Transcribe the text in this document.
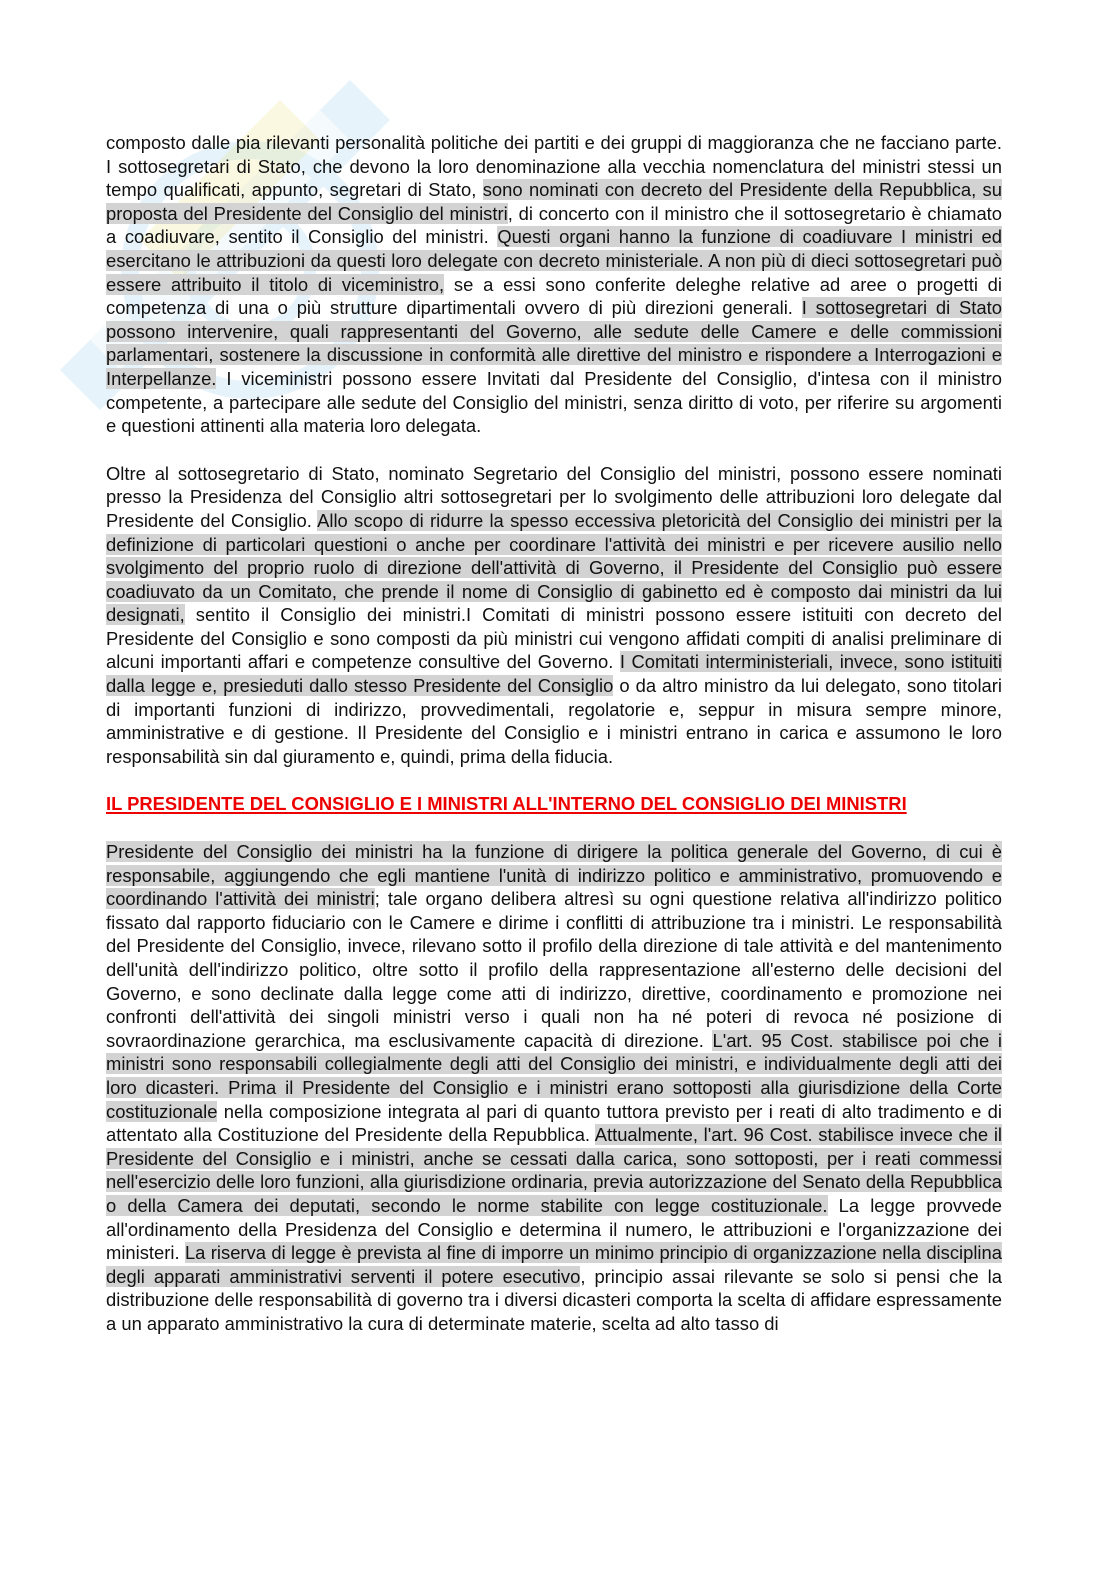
composto dalle pia rilevanti personalità politiche dei partiti e dei gruppi di maggioranza che ne facciano parte. I sottosegretari di Stato, che devono la loro denominazione alla vecchia nomenclatura del ministri stessi un tempo qualificati, appunto, segretari di Stato, sono nominati con decreto del Presidente della Repubblica, su proposta del Presidente del Consiglio del ministri, di concerto con il ministro che il sottosegretario è chiamato a coadiuvare, sentito il Consiglio del ministri. Questi organi hanno la funzione di coadiuvare I ministri ed esercitano le attribuzioni da questi loro delegate con decreto ministeriale. A non più di dieci sottosegretari può essere attribuito il titolo di viceministro, se a essi sono conferite deleghe relative ad aree o progetti di competenza di una o più strutture dipartimentali ovvero di più direzioni generali. I sottosegretari di Stato possono intervenire, quali rappresentanti del Governo, alle sedute delle Camere e delle commissioni parlamentari, sostenere la discussione in conformità alle direttive del ministro e rispondere a Interrogazioni e Interpellanze. I viceministri possono essere Invitati dal Presidente del Consiglio, d'intesa con il ministro competente, a partecipare alle sedute del Consiglio del ministri, senza diritto di voto, per riferire su argomenti e questioni attinenti alla materia loro delegata.

Oltre al sottosegretario di Stato, nominato Segretario del Consiglio del ministri, possono essere nominati presso la Presidenza del Consiglio altri sottosegretari per lo svolgimento delle attribuzioni loro delegate dal Presidente del Consiglio. Allo scopo di ridurre la spesso eccessiva pletoricità del Consiglio dei ministri per la definizione di particolari questioni o anche per coordinare l'attività dei ministri e per ricevere ausilio nello svolgimento del proprio ruolo di direzione dell'attività di Governo, il Presidente del Consiglio può essere coadiuvato da un Comitato, che prende il nome di Consiglio di gabinetto ed è composto dai ministri da lui designati, sentito il Consiglio dei ministri.I Comitati di ministri possono essere istituiti con decreto del Presidente del Consiglio e sono composti da più ministri cui vengono affidati compiti di analisi preliminare di alcuni importanti affari e competenze consultive del Governo. I Comitati interministeriali, invece, sono istituiti dalla legge e, presieduti dallo stesso Presidente del Consiglio o da altro ministro da lui delegato, sono titolari di importanti funzioni di indirizzo, provvedimentali, regolatorie e, seppur in misura sempre minore, amministrative e di gestione. Il Presidente del Consiglio e i ministri entrano in carica e assumono le loro responsabilità sin dal giuramento e, quindi, prima della fiducia.

IL PRESIDENTE DEL CONSIGLIO E I MINISTRI ALL'INTERNO DEL CONSIGLIO DEI MINISTRI

Presidente del Consiglio dei ministri ha la funzione di dirigere la politica generale del Governo, di cui è responsabile, aggiungendo che egli mantiene l'unità di indirizzo politico e amministrativo, promuovendo e coordinando l'attività dei ministri; tale organo delibera altresì su ogni questione relativa all'indirizzo politico fissato dal rapporto fiduciario con le Camere e dirime i conflitti di attribuzione tra i ministri. Le responsabilità del Presidente del Consiglio, invece, rilevano sotto il profilo della direzione di tale attività e del mantenimento dell'unità dell'indirizzo politico, oltre sotto il profilo della rappresentazione all'esterno delle decisioni del Governo, e sono declinate dalla legge come atti di indirizzo, direttive, coordinamento e promozione nei confronti dell'attività dei singoli ministri verso i quali non ha né poteri di revoca né posizione di sovraordinazione gerarchica, ma esclusivamente capacità di direzione. L'art. 95 Cost. stabilisce poi che i ministri sono responsabili collegialmente degli atti del Consiglio dei ministri, e individualmente degli atti dei loro dicasteri. Prima il Presidente del Consiglio e i ministri erano sottoposti alla giurisdizione della Corte costituzionale nella composizione integrata al pari di quanto tuttora previsto per i reati di alto tradimento e di attentato alla Costituzione del Presidente della Repubblica. Attualmente, l'art. 96 Cost. stabilisce invece che il Presidente del Consiglio e i ministri, anche se cessati dalla carica, sono sottoposti, per i reati commessi nell'esercizio delle loro funzioni, alla giurisdizione ordinaria, previa autorizzazione del Senato della Repubblica o della Camera dei deputati, secondo le norme stabilite con legge costituzionale. La legge provvede all'ordinamento della Presidenza del Consiglio e determina il numero, le attribuzioni e l'organizzazione dei ministeri. La riserva di legge è prevista al fine di imporre un minimo principio di organizzazione nella disciplina degli apparati amministrativi serventi il potere esecutivo, principio assai rilevante se solo si pensi che la distribuzione delle responsabilità di governo tra i diversi dicasteri comporta la scelta di affidare espressamente a un apparato amministrativo la cura di determinate materie, scelta ad alto tasso di
